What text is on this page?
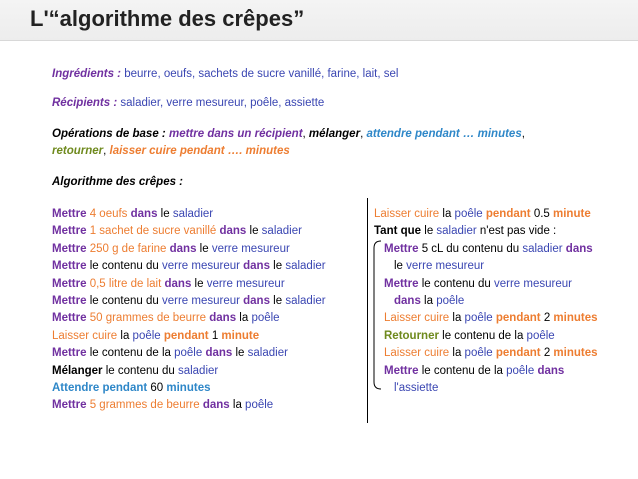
L'“algorithme des crêpes”
Ingrédients : beurre, oeufs, sachets de sucre vanillé, farine, lait, sel
Récipients : saladier, verre mesureur, poêle, assiette
Opérations de base : mettre dans un récipient, mélanger, attendre pendant … minutes,
retourner, laisser cuire pendant …. minutes
Algorithme des crêpes :
Mettre 4 oeufs dans le saladier
Mettre 1 sachet de sucre vanillé dans le saladier
Mettre 250 g de farine dans le verre mesureur
Mettre le contenu du verre mesureur dans le saladier
Mettre 0,5 litre de lait dans le verre mesureur
Mettre le contenu du verre mesureur dans le saladier
Mettre 50 grammes de beurre dans la poêle
Laisser cuire la poêle pendant 1 minute
Mettre le contenu de la poêle dans le saladier
Mélanger le contenu du saladier
Attendre pendant 60 minutes
Mettre 5 grammes de beurre dans la poêle
Laisser cuire la poêle pendant 0.5 minute
Tant que le saladier n'est pas vide :
Mettre 5 cL du contenu du saladier dans
le verre mesureur
Mettre le contenu du verre mesureur
dans la poêle
Laisser cuire la poêle pendant 2 minutes
Retourner le contenu de la poêle
Laisser cuire la poêle pendant 2 minutes
Mettre le contenu de la poêle dans
l'assiette
